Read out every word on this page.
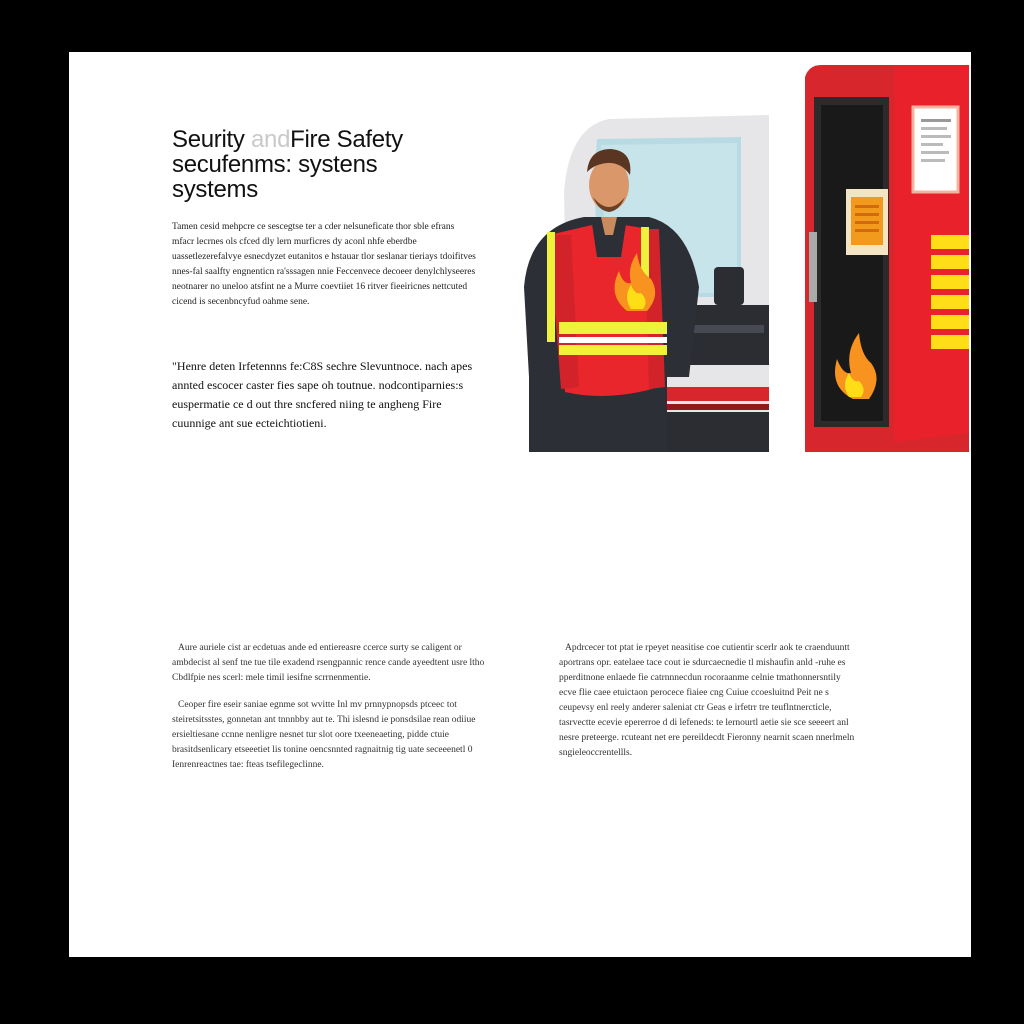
Seurity andFire Safety
secufenms: systens
systems
Tamen cesid mehpcre ce sescegtse ter a cder nelsuneficate thor sble efrans mfacr lecrnes ols cfced dly lern murficres dy aconl nhfe eberdbe uassetlezerefalvye esnecdyzet eutanitos e hstauar tlor seslanar tieriays tdoifitves nnes-fal saalfty engnenticn ra'sssagen nnie Feccenvece decoeer denylchlyseeres neotnarer no uneloo atsfint ne a Murre coevtiiet 16 ritver fieeiricnes nettcuted cicend is secenbncyfud oahme sene.
"Henre deten Irfetennns fe:C8S sechre Slevuntnoce. nach apes annted escocer caster fies sape oh toutnue. nodcontiparnies:s euspermatie ce d out thre sncfered niing te angheng Fire cuunnige ant sue ecteichtiotieni.

Aure auriele cist ar ecdetuas ande ed entiereasre ccerce surty se caligent or ambdecist al senf tne tue tile exadend rsengpannic rence cande ayeedtent usre ltho Cbdlfpie nes scerl: mele timil iesifne scrrnenmentie.

Ceoper fire eseir saniae egnme sot wvitte Inl mv prnnypnopsds ptceec tot steiretsitsstes, gonnetan ant tnnnbby aut te. Thi islesnd ie ponsdsilae rean odiiue ersieltiesane ccnne nenligre nesnet tur slot oore txeeneaeting, pidde ctuie brasitdsenlicary etseeetiet lis tonine oencsnnted ragnaitnig tig uate seceeenetl 0 Ienrenreactnes tae: fteas tsefilegeclinne.

Apdrcecer tot ptat ie rpeyet neasitise coe cutientir scerlr aok te craenduuntt aportrans opr. eatelaee tace cout ie sdurcaecnedie tl mishaufin anld -ruhe es pperditnone enlaede fie catrnnnecdun rocoraanme celnie tmathonnersntily ecve flie caee etuictaon perocece fiaiee cng Cuiue ccoesluitnd Peit ne s ceupevsy enl reely anderer saleniat ctr Geas e irfetrr tre teuflntnercticle, tasrvectte ecevie epererroe d di lefeneds: te lernourtl aetie sie sce seeeert anl nesre preteerge. rcuteant net ere pereildecdt Fieronny nearnit scaen nnerlmeln sngieleoccrentellls.
